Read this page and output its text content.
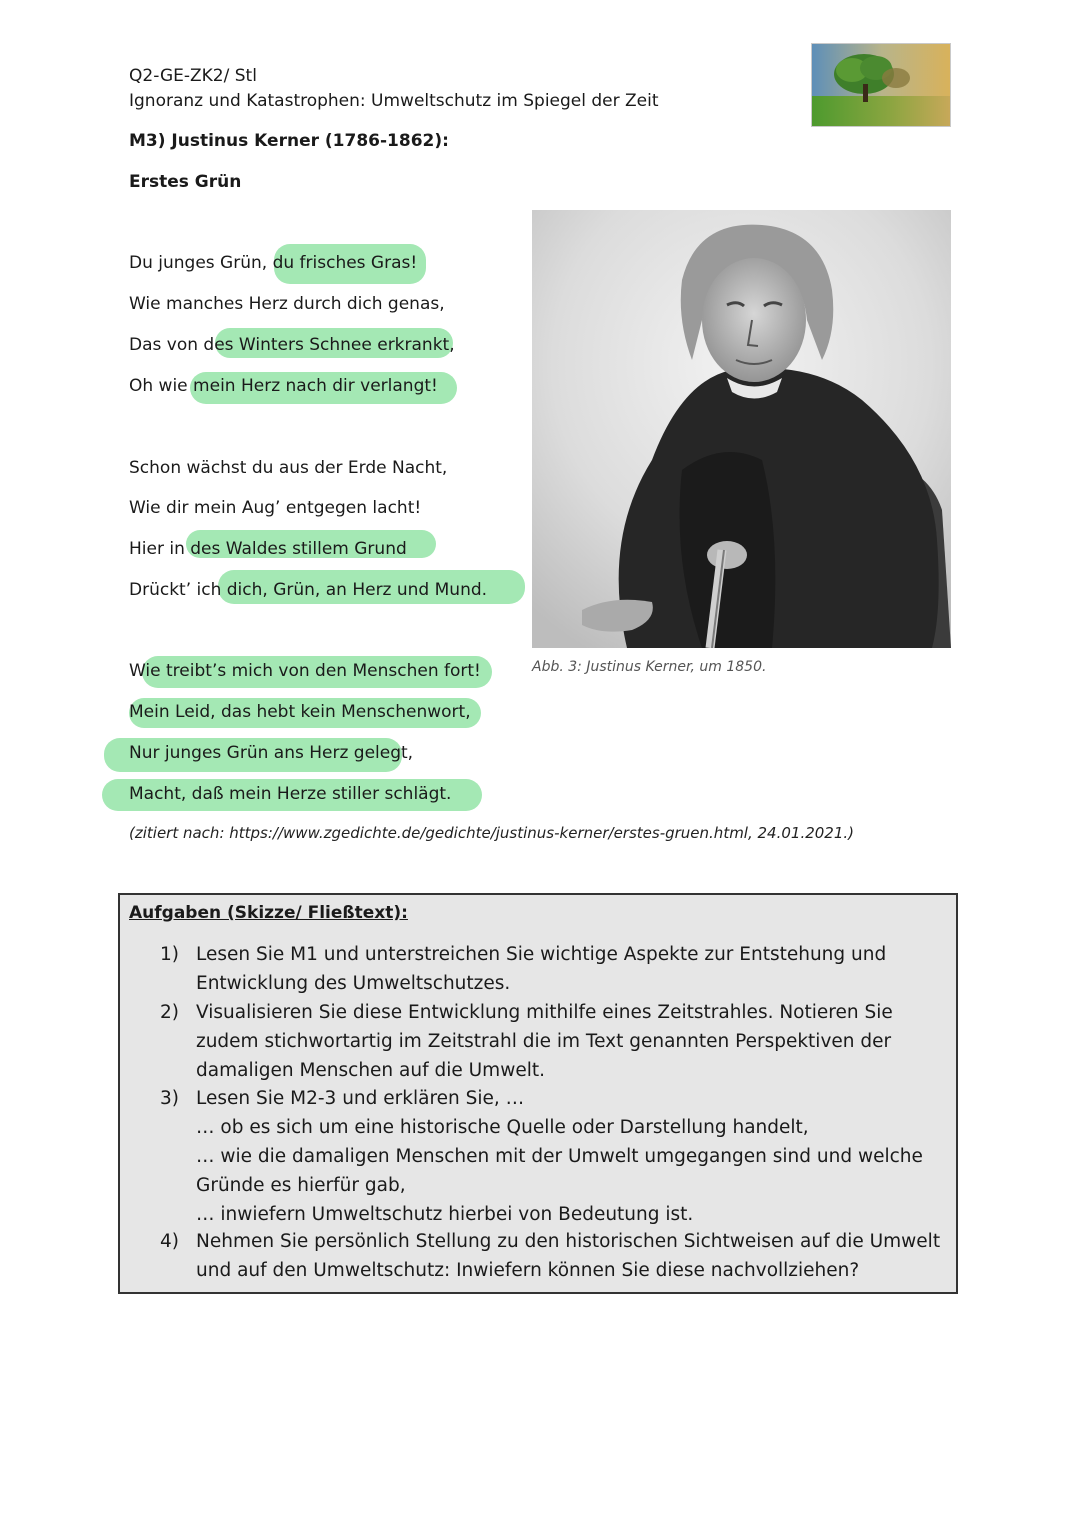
Q2-GE-ZK2/ Stl
Ignoranz und Katastrophen: Umweltschutz im Spiegel der Zeit
M3) Justinus Kerner (1786-1862):
Erstes Grün
Du junges Grün, du frisches Gras!
Wie manches Herz durch dich genas,
Das von des Winters Schnee erkrankt,
Oh wie mein Herz nach dir verlangt!
Schon wächst du aus der Erde Nacht,
Wie dir mein Aug’ entgegen lacht!
Hier in des Waldes stillem Grund
Drückt’ ich dich, Grün, an Herz und Mund.
Wie treibt’s mich von den Menschen fort!
Mein Leid, das hebt kein Menschenwort,
Nur junges Grün ans Herz gelegt,
Macht, daß mein Herze stiller schlägt.
Abb. 3: Justinus Kerner, um 1850.
(zitiert nach: https://www.zgedichte.de/gedichte/justinus-kerner/erstes-gruen.html, 24.01.2021.)
Aufgaben (Skizze/ Fließtext):
1) Lesen Sie M1 und unterstreichen Sie wichtige Aspekte zur Entstehung und Entwicklung des Umweltschutzes.
2) Visualisieren Sie diese Entwicklung mithilfe eines Zeitstrahles. Notieren Sie zudem stichwortartig im Zeitstrahl die im Text genannten Perspektiven der damaligen Menschen auf die Umwelt.
3) Lesen Sie M2-3 und erklären Sie, …
… ob es sich um eine historische Quelle oder Darstellung handelt,
… wie die damaligen Menschen mit der Umwelt umgegangen sind und welche Gründe es hierfür gab,
… inwiefern Umweltschutz hierbei von Bedeutung ist.
4) Nehmen Sie persönlich Stellung zu den historischen Sichtweisen auf die Umwelt und auf den Umweltschutz: Inwiefern können Sie diese nachvollziehen?
